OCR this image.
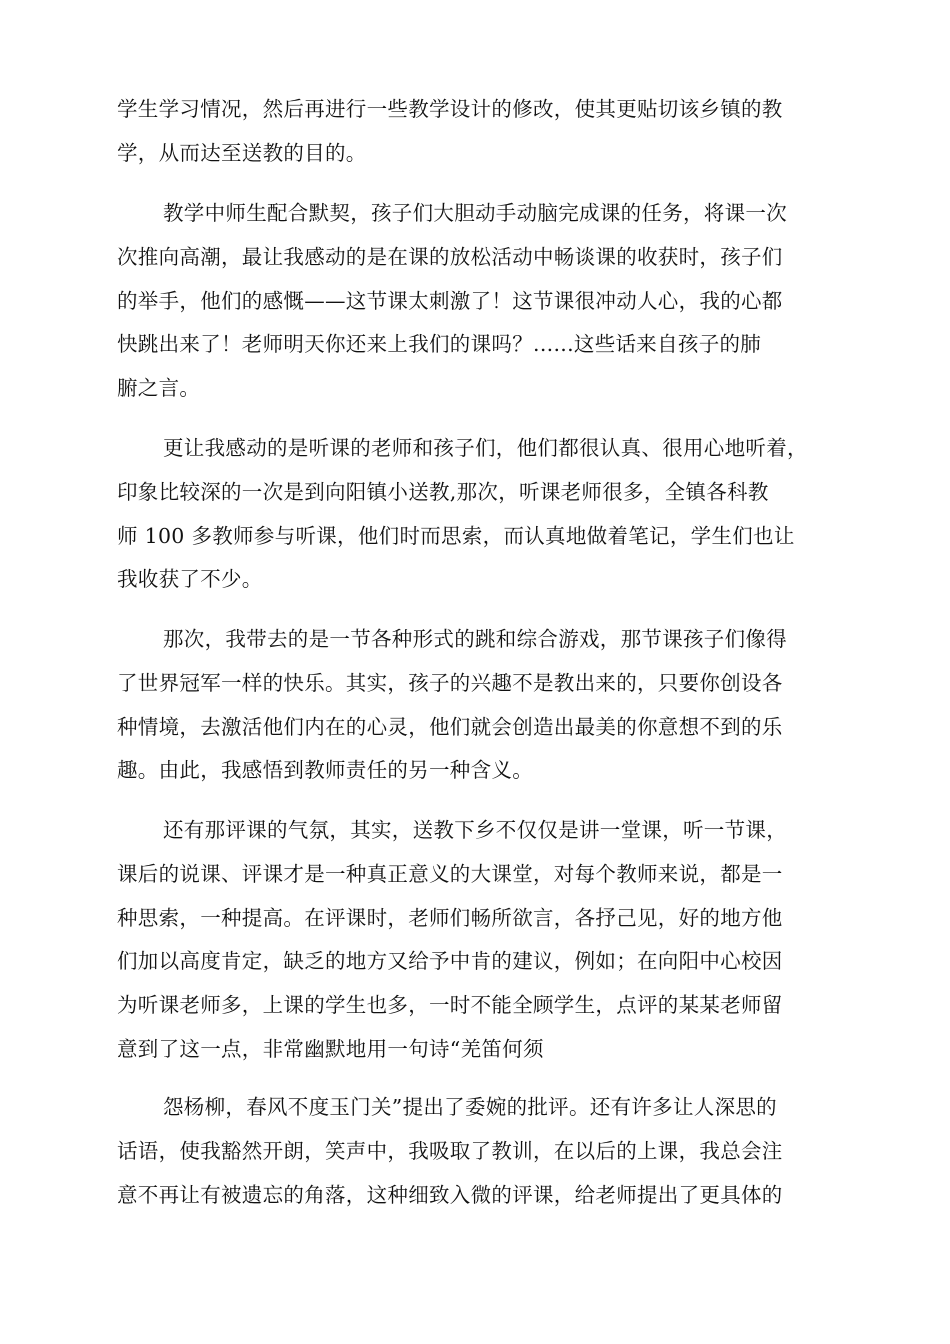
学生学习情况，然后再进行一些教学设计的修改，使其更贴切该乡镇的教
学，从而达至送教的目的。
教学中师生配合默契，孩子们大胆动手动脑完成课的任务，将课一次
次推向高潮，最让我感动的是在课的放松活动中畅谈课的收获时，孩子们
的举手，他们的感慨——这节课太刺激了！这节课很冲动人心，我的心都
快跳出来了！老师明天你还来上我们的课吗？......这些话来自孩子的肺
腑之言。
更让我感动的是听课的老师和孩子们，他们都很认真、很用心地听着，
印象比较深的一次是到向阳镇小送教,那次，听课老师很多，全镇各科教
师 100 多教师参与听课，他们时而思索，而认真地做着笔记，学生们也让
我收获了不少。
那次，我带去的是一节各种形式的跳和综合游戏，那节课孩子们像得
了世界冠军一样的快乐。其实，孩子的兴趣不是教出来的，只要你创设各
种情境，去激活他们内在的心灵，他们就会创造出最美的你意想不到的乐
趣。由此，我感悟到教师责任的另一种含义。
还有那评课的气氛，其实，送教下乡不仅仅是讲一堂课，听一节课，
课后的说课、评课才是一种真正意义的大课堂，对每个教师来说，都是一
种思索，一种提高。在评课时，老师们畅所欲言，各抒己见，好的地方他
们加以高度肯定，缺乏的地方又给予中肯的建议，例如；在向阳中心校因
为听课老师多，上课的学生也多，一时不能全顾学生，点评的某某老师留
意到了这一点，非常幽默地用一句诗“羌笛何须
怨杨柳，春风不度玉门关”提出了委婉的批评。还有许多让人深思的
话语，使我豁然开朗，笑声中，我吸取了教训，在以后的上课，我总会注
意不再让有被遗忘的角落，这种细致入微的评课，给老师提出了更具体的
